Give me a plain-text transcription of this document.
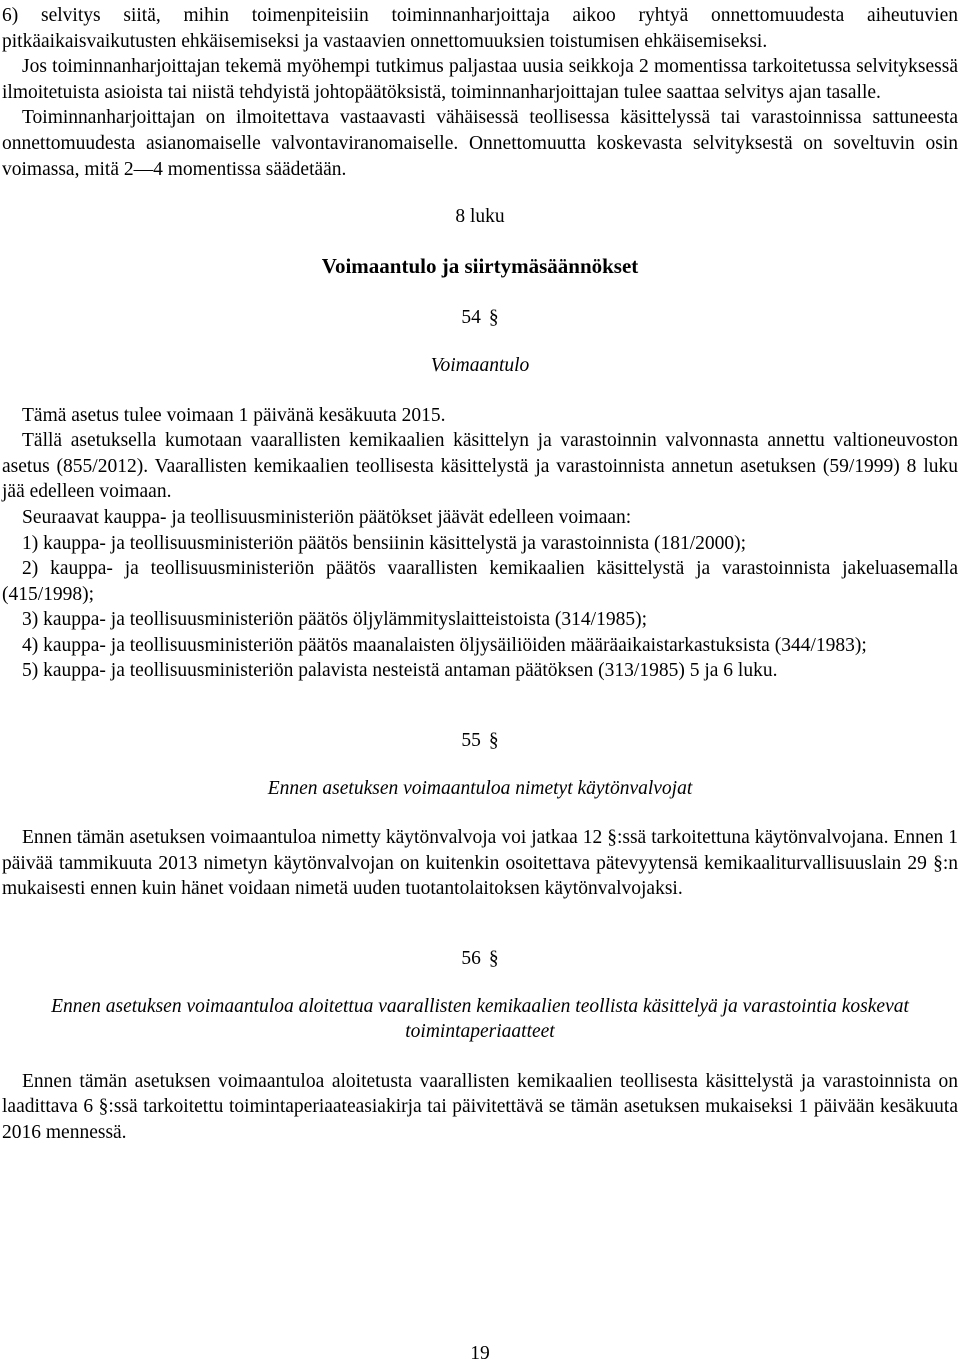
6) selvitys siitä, mihin toimenpiteisiin toiminnanharjoittaja aikoo ryhtyä onnettomuudesta aiheutuvien pitkäaikaisvaikutusten ehkäisemiseksi ja vastaavien onnettomuuksien toistumisen ehkäisemiseksi.

Jos toiminnanharjoittajan tekemä myöhempi tutkimus paljastaa uusia seikkoja 2 momentissa tarkoitetussa selvityksessä ilmoitetuista asioista tai niistä tehdyistä johtopäätöksistä, toiminnanharjoittajan tulee saattaa selvitys ajan tasalle.

Toiminnanharjoittajan on ilmoitettava vastaavasti vähäisessä teollisessa käsittelyssä tai varastoinnissa sattuneesta onnettomuudesta asianomaiselle valvontaviranomaiselle. Onnettomuutta koskevasta selvityksestä on soveltuvin osin voimassa, mitä 2—4 momentissa säädetään.

8 luku
Voimaantulo ja siirtymäsäännökset
54 §
Voimaantulo

Tämä asetus tulee voimaan 1 päivänä kesäkuuta 2015.

Tällä asetuksella kumotaan vaarallisten kemikaalien käsittelyn ja varastoinnin valvonnasta annettu valtioneuvoston asetus (855/2012). Vaarallisten kemikaalien teollisesta käsittelystä ja varastoinnista annetun asetuksen (59/1999) 8 luku jää edelleen voimaan.

Seuraavat kauppa- ja teollisuusministeriön päätökset jäävät edelleen voimaan:

1) kauppa- ja teollisuusministeriön päätös bensiinin käsittelystä ja varastoinnista (181/2000);

2) kauppa- ja teollisuusministeriön päätös vaarallisten kemikaalien käsittelystä ja varastoinnista jakeluasemalla (415/1998);

3) kauppa- ja teollisuusministeriön päätös öljylämmityslaitteistoista (314/1985);

4) kauppa- ja teollisuusministeriön päätös maanalaisten öljysäiliöiden määräaikaistarkastuksista (344/1983);

5) kauppa- ja teollisuusministeriön palavista nesteistä antaman päätöksen (313/1985) 5 ja 6 luku.

55 §
Ennen asetuksen voimaantuloa nimetyt käytönvalvojat

Ennen tämän asetuksen voimaantuloa nimetty käytönvalvoja voi jatkaa 12 §:ssä tarkoitettuna käytönvalvojana. Ennen 1 päivää tammikuuta 2013 nimetyn käytönvalvojan on kuitenkin osoitettava pätevyytensä kemikaaliturvallisuuslain 29 §:n mukaisesti ennen kuin hänet voidaan nimetä uuden tuotantolaitoksen käytönvalvojaksi.

56 §
Ennen asetuksen voimaantuloa aloitettua vaarallisten kemikaalien teollista käsittelyä ja varastointia koskevat toimintaperiaatteet

Ennen tämän asetuksen voimaantuloa aloitetusta vaarallisten kemikaalien teollisesta käsittelystä ja varastoinnista on laadittava 6 §:ssä tarkoitettu toimintaperiaateasiakirja tai päivitettävä se tämän asetuksen mukaiseksi 1 päivään kesäkuuta 2016 mennessä.

19
